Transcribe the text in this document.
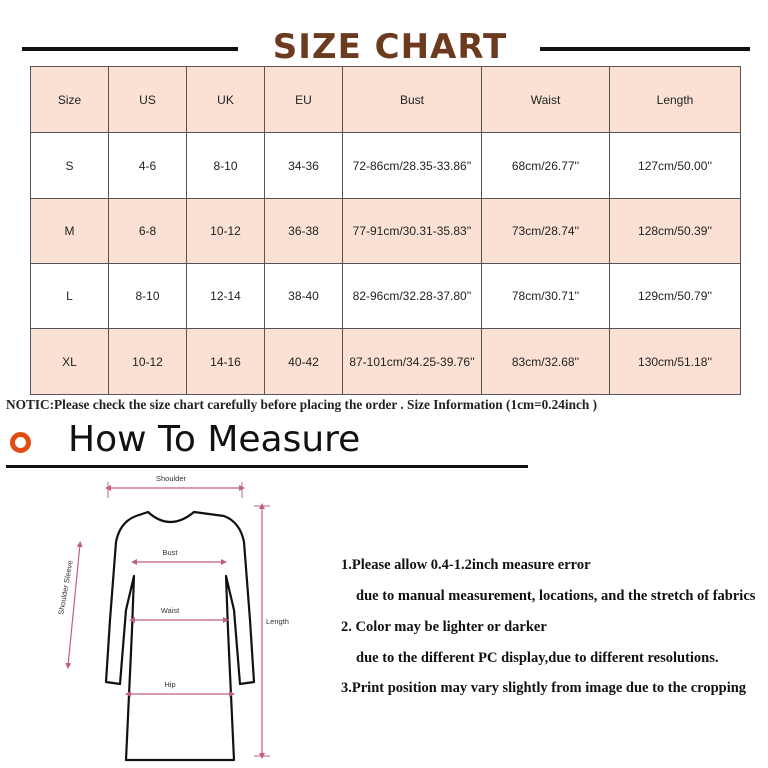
SIZE CHART
Size	US	UK	EU	Bust	Waist	Length
S	4-6	8-10	34-36	72-86cm/28.35-33.86''	68cm/26.77''	127cm/50.00''
M	6-8	10-12	36-38	77-91cm/30.31-35.83''	73cm/28.74''	128cm/50.39''
L	8-10	12-14	38-40	82-96cm/32.28-37.80''	78cm/30.71''	129cm/50.79''
XL	10-12	14-16	40-42	87-101cm/34.25-39.76''	83cm/32.68''	130cm/51.18''
NOTIC:Please check the size chart carefully before placing the order . Size Information (1cm=0.24inch )
How To Measure
Shoulder
Bust
Waist
Hip
Length
Shoulder Sleeve	1.Please allow 0.4-1.2inch measure error
due to manual measurement, locations, and the stretch of fabrics
2. Color may be lighter or darker
due to the different PC display,due to different resolutions.
3.Print position may vary slightly from image due to the cropping
